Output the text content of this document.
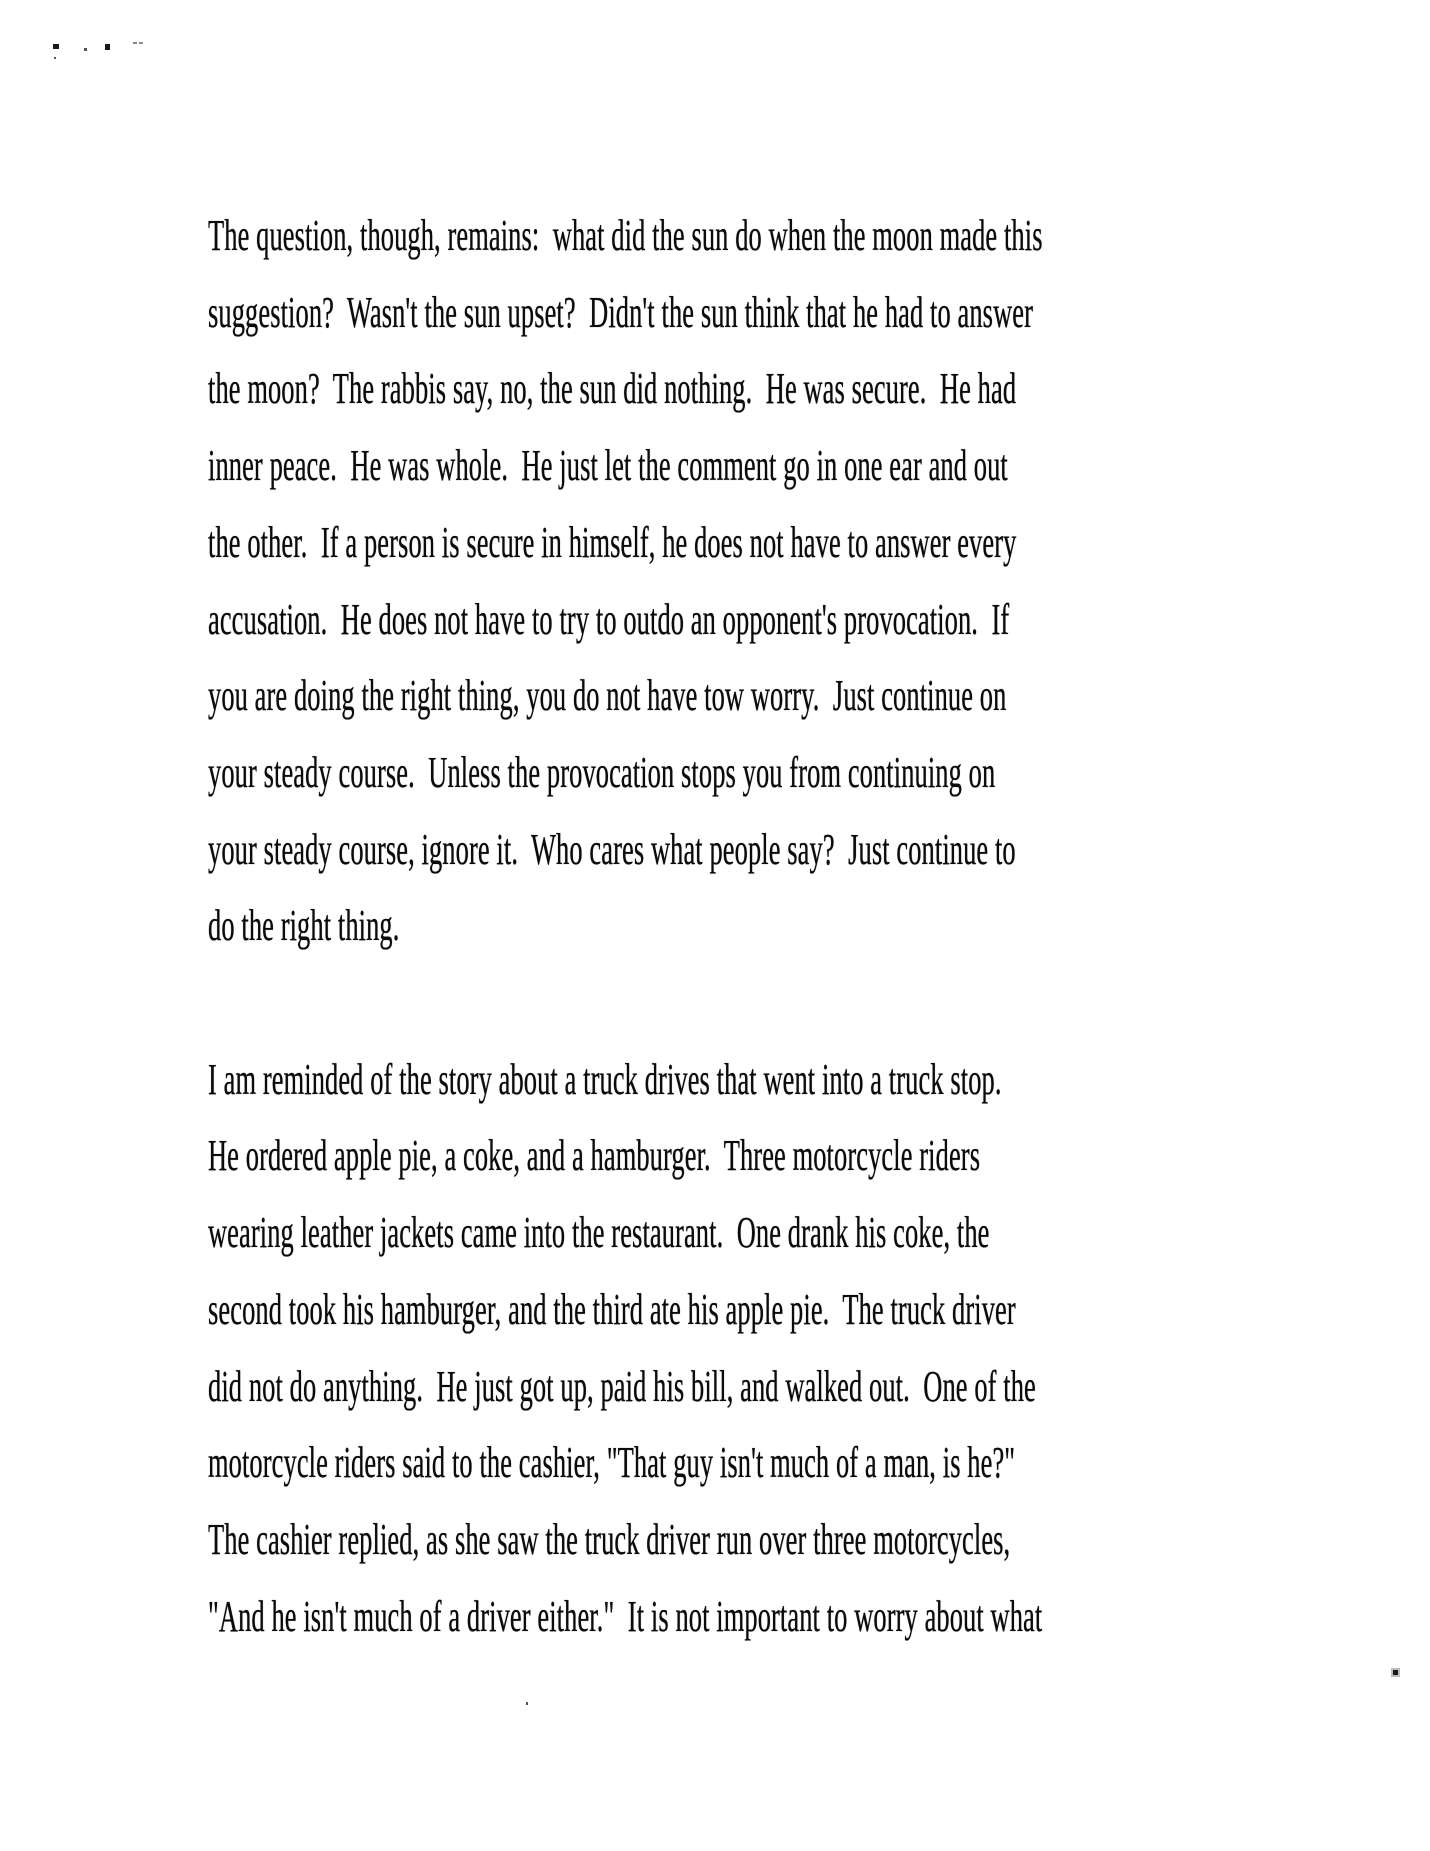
The question, though, remains:  what did the sun do when the moon made this
suggestion?  Wasn't the sun upset?  Didn't the sun think that he had to answer
the moon?  The rabbis say, no, the sun did nothing.  He was secure.  He had
inner peace.  He was whole.  He just let the comment go in one ear and out
the other.  If a person is secure in himself, he does not have to answer every
accusation.  He does not have to try to outdo an opponent's provocation.  If
you are doing the right thing, you do not have tow worry.  Just continue on
your steady course.  Unless the provocation stops you from continuing on
your steady course, ignore it.  Who cares what people say?  Just continue to
do the right thing.
I am reminded of the story about a truck drives that went into a truck stop.
He ordered apple pie, a coke, and a hamburger.  Three motorcycle riders
wearing leather jackets came into the restaurant.  One drank his coke, the
second took his hamburger, and the third ate his apple pie.  The truck driver
did not do anything.  He just got up, paid his bill, and walked out.  One of the
motorcycle riders said to the cashier, "That guy isn't much of a man, is he?"
The cashier replied, as she saw the truck driver run over three motorcycles,
"And he isn't much of a driver either."  It is not important to worry about what
